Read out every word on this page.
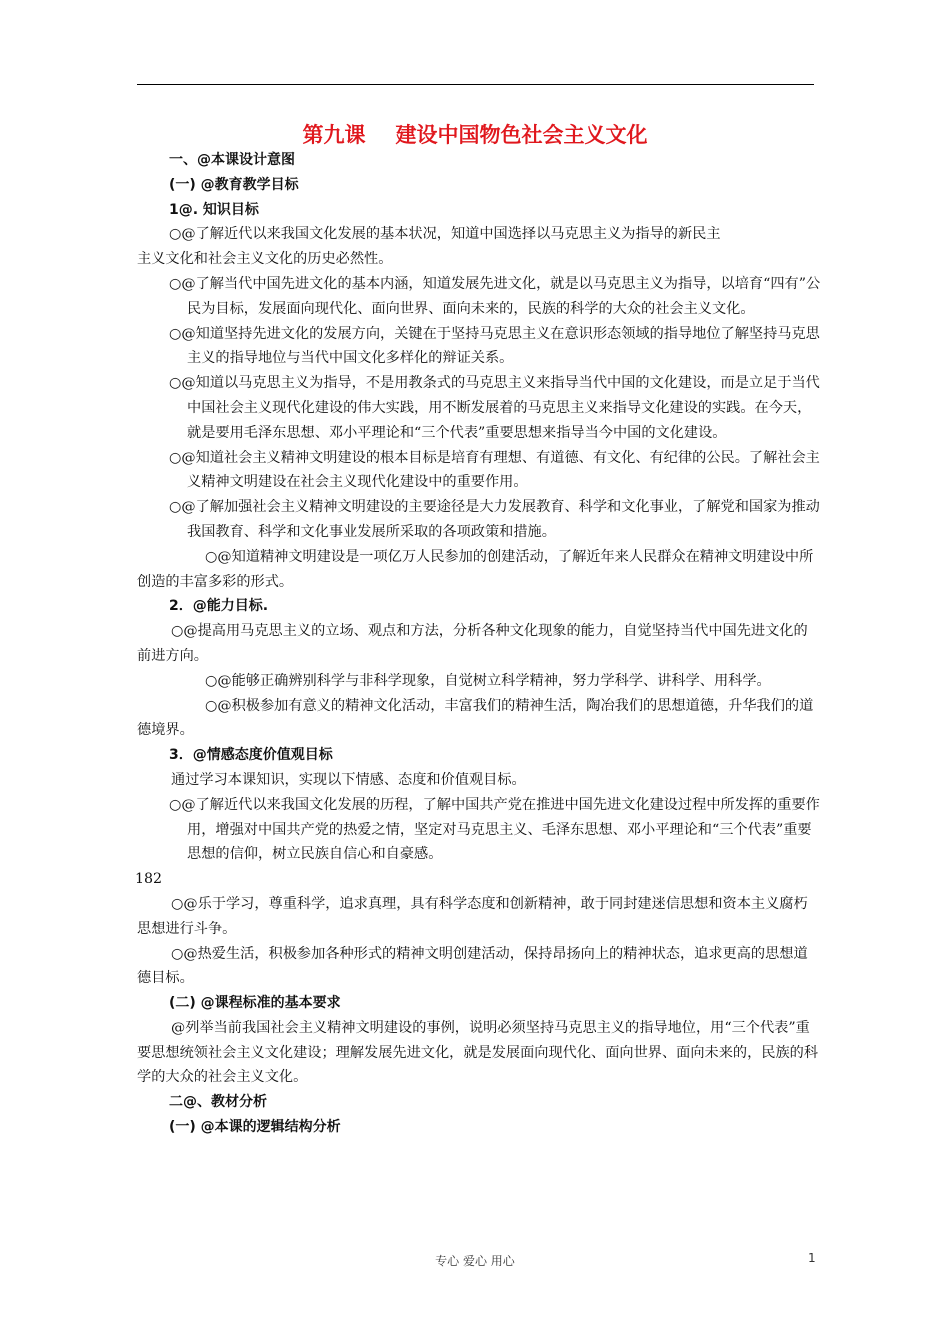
第九课 建设中国物色社会主义文化

一、@本课设计意图

(一) @教育教学目标

1@. 知识目标

○@了解近代以来我国文化发展的基本状况，知道中国选择以马克思主义为指导的新民主

主义文化和社会主义文化的历史必然性。

○@了解当代中国先进文化的基本内涵，知道发展先进文化，就是以马克思主义为指导，以培育“四有”公民为目标，发展面向现代化、面向世界、面向未来的，民族的科学的大众的社会主义文化。

○@知道坚持先进文化的发展方向，关键在于坚持马克思主义在意识形态领域的指导地位了解坚持马克思主义的指导地位与当代中国文化多样化的辩证关系。

○@知道以马克思主义为指导，不是用教条式的马克思主义来指导当代中国的文化建设，而是立足于当代中国社会主义现代化建设的伟大实践，用不断发展着的马克思主义来指导文化建设的实践。在今天，就是要用毛泽东思想、邓小平理论和“三个代表”重要思想来指导当今中国的文化建设。

○@知道社会主义精神文明建设的根本目标是培育有理想、有道德、有文化、有纪律的公民。了解社会主义精神文明建设在社会主义现代化建设中的重要作用。

○@了解加强社会主义精神文明建设的主要途径是大力发展教育、科学和文化事业，了解党和国家为推动我国教育、科学和文化事业发展所采取的各项政策和措施。

○@知道精神文明建设是一项亿万人民参加的创建活动，了解近年来人民群众在精神文明建设中所创造的丰富多彩的形式。

2．@能力目标.

○@提高用马克思主义的立场、观点和方法，分析各种文化现象的能力，自觉坚持当代中国先进文化的前进方向。

○@能够正确辨别科学与非科学现象，自觉树立科学精神，努力学科学、讲科学、用科学。

○@积极参加有意义的精神文化活动，丰富我们的精神生活，陶冶我们的思想道德，升华我们的道德境界。

3．@情感态度价值观目标

通过学习本课知识，实现以下情感、态度和价值观目标。

○@了解近代以来我国文化发展的历程，了解中国共产党在推进中国先进文化建设过程中所发挥的重要作用，增强对中国共产党的热爱之情，坚定对马克思主义、毛泽东思想、邓小平理论和“三个代表”重要思想的信仰，树立民族自信心和自豪感。

182

○@乐于学习，尊重科学，追求真理，具有科学态度和创新精神，敢于同封建迷信思想和资本主义腐朽思想进行斗争。

○@热爱生活，积极参加各种形式的精神文明创建活动，保持昂扬向上的精神状态，追求更高的思想道德目标。

(二) @课程标准的基本要求

@列举当前我国社会主义精神文明建设的事例，说明必须坚持马克思主义的指导地位，用“三个代表”重要思想统领社会主义文化建设；理解发展先进文化，就是发展面向现代化、面向世界、面向未来的，民族的科学的大众的社会主义文化。

二@、教材分析

(一) @本课的逻辑结构分析

专心 爱心 用心	1
